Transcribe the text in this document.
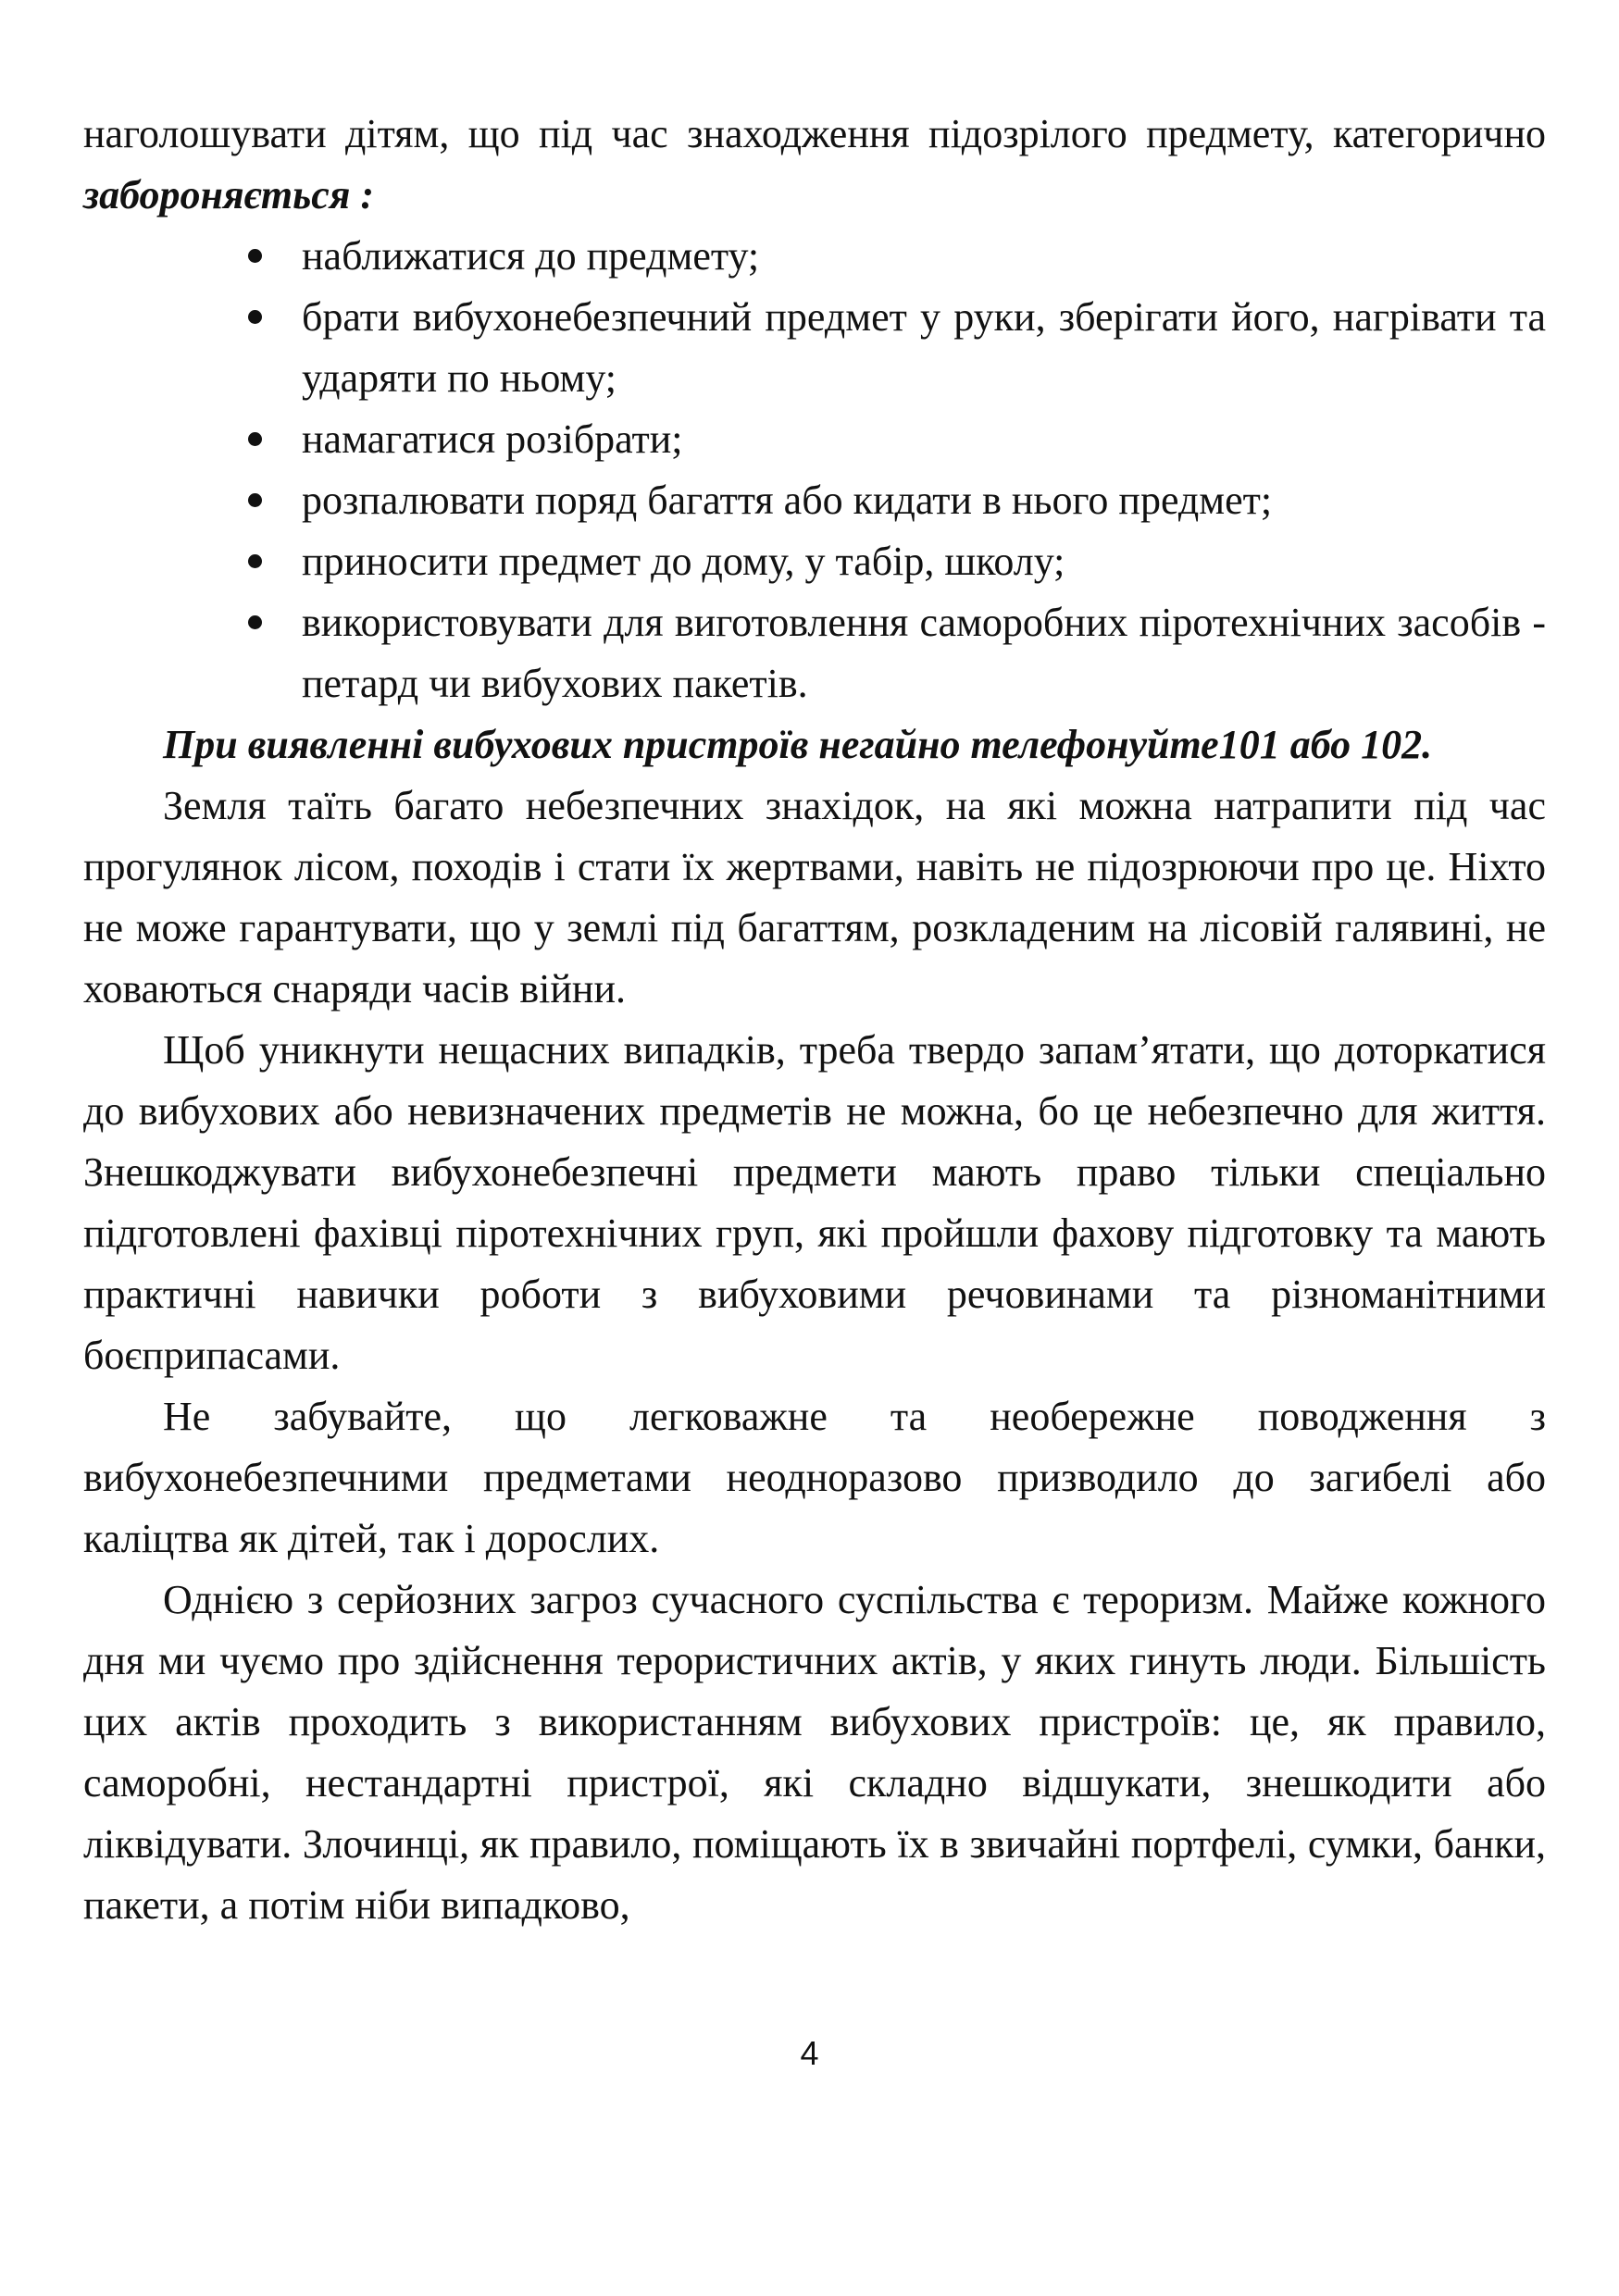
наголошувати дітям, що під час знаходження підозрілого предмету, категорично забороняється :

наближатися до предмету;
брати вибухонебезпечний предмет у руки, зберігати його, нагрівати та ударяти по ньому;
намагатися розібрати;
розпалювати поряд багаття або кидати в нього предмет;
приносити предмет до дому, у табір, школу;
використовувати для виготовлення саморобних піротехнічних засобів - петард чи вибухових пакетів.

При виявленні вибухових пристроїв негайно телефонуйте101 або 102.

Земля таїть багато небезпечних знахідок, на які можна натрапити під час прогулянок лісом, походів і стати їх жертвами, навіть не підозрюючи про це. Ніхто не може гарантувати, що у землі під багаттям, розкладеним на лісовій галявині, не ховаються снаряди часів війни.

Щоб уникнути нещасних випадків, треба твердо запам’ятати, що доторкатися до вибухових або невизначених предметів не можна, бо це небезпечно для життя. Знешкоджувати вибухонебезпечні предмети мають право тільки спеціально підготовлені фахівці піротехнічних груп, які пройшли фахову підготовку та мають практичні навички роботи з вибуховими речовинами та різноманітними боєприпасами.

Не забувайте, що легковажне та необережне поводження з вибухонебезпечними предметами неодноразово призводило до загибелі або каліцтва як дітей, так і дорослих.

Однією з серйозних загроз сучасного суспільства є тероризм. Майже кожного дня ми чуємо про здійснення терористичних актів, у яких гинуть люди. Більшість цих актів проходить з використанням вибухових пристроїв: це, як правило, саморобні, нестандартні пристрої, які складно відшукати, знешкодити або ліквідувати. Злочинці, як правило, поміщають їх в звичайні портфелі, сумки, банки, пакети, а потім ніби випадково,

4
